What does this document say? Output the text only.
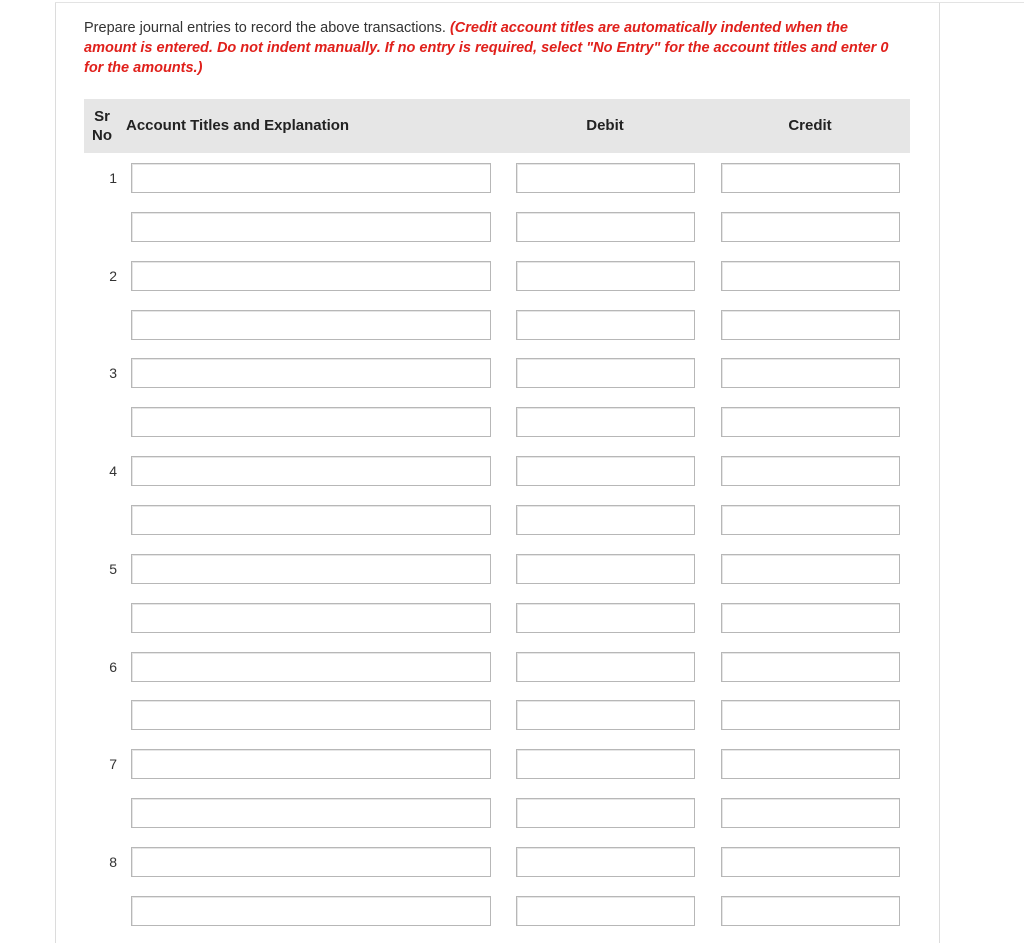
Prepare journal entries to record the above transactions. (Credit account titles are automatically indented when the amount is entered. Do not indent manually. If no entry is required, select "No Entry" for the account titles and enter 0 for the amounts.)
Sr
No
Account Titles and Explanation	Debit	Credit
1
2
3
4
5
6
7
8
